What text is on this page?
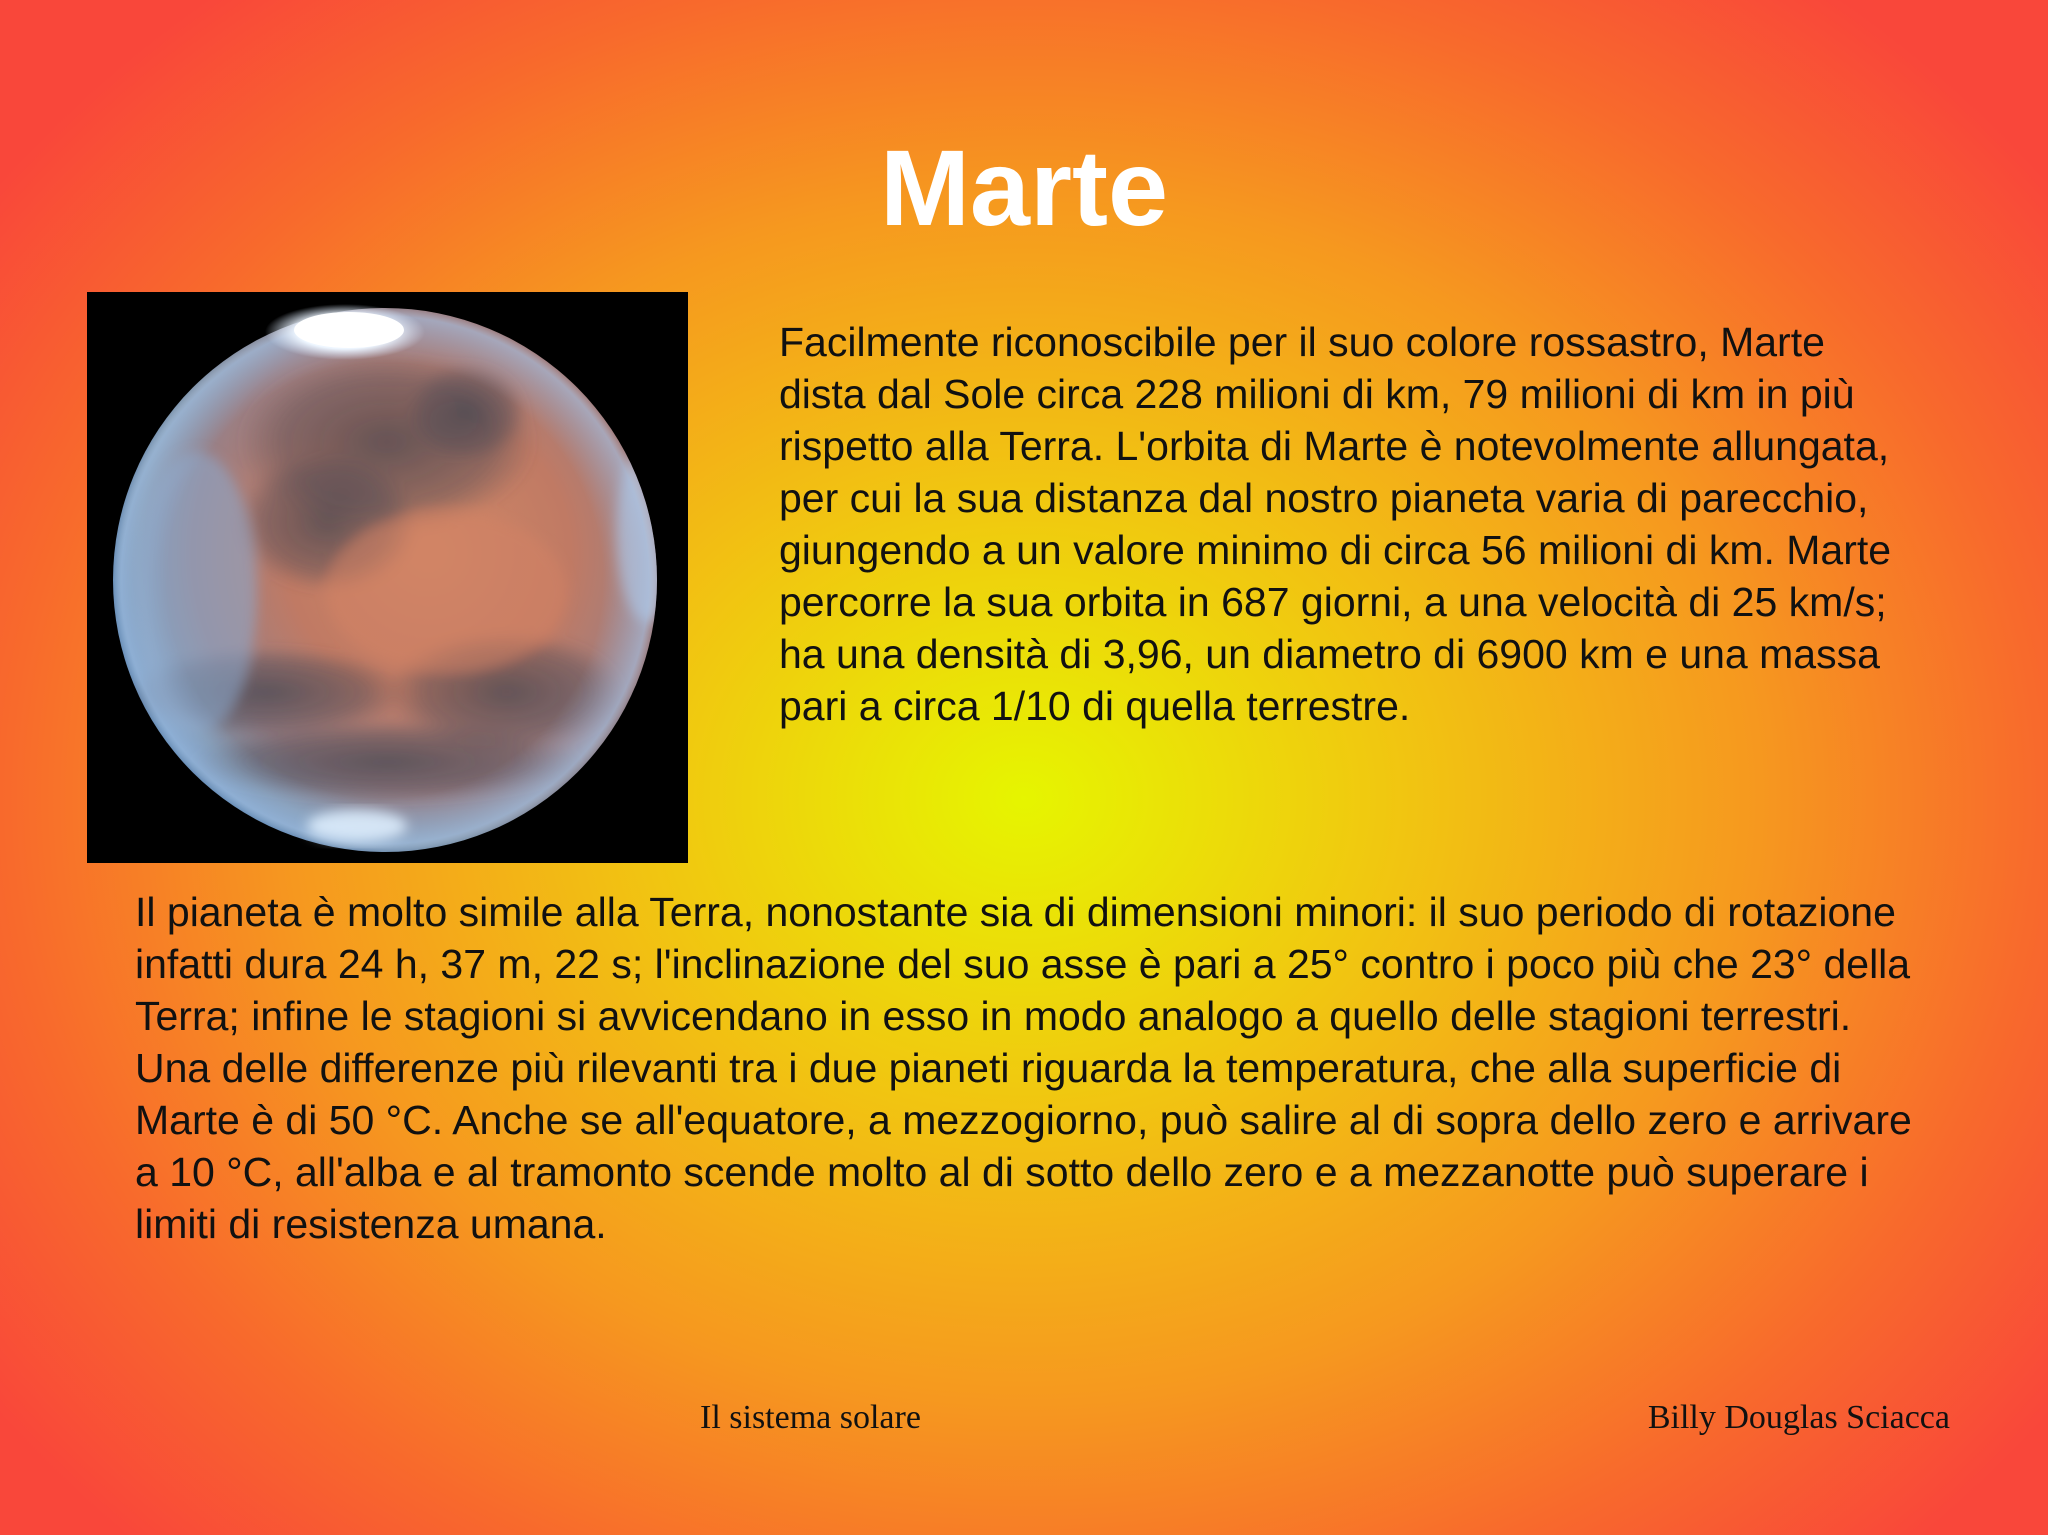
Marte

Facilmente riconoscibile per il suo colore rossastro, Marte dista dal Sole circa 228 milioni di km, 79 milioni di km in più rispetto alla Terra. L'orbita di Marte è notevolmente allungata, per cui la sua distanza dal nostro pianeta varia di parecchio, giungendo a un valore minimo di circa 56 milioni di km. Marte percorre la sua orbita in 687 giorni, a una velocità di 25 km/s; ha una densità di 3,96, un diametro di 6900 km e una massa pari a circa 1/10 di quella terrestre.

Il pianeta è molto simile alla Terra, nonostante sia di dimensioni minori: il suo periodo di rotazione infatti dura 24 h, 37 m, 22 s; l'inclinazione del suo asse è pari a 25° contro i poco più che 23° della Terra; infine le stagioni si avvicendano in esso in modo analogo a quello delle stagioni terrestri. Una delle differenze più rilevanti tra i due pianeti riguarda la temperatura, che alla superficie di Marte è di 50 °C. Anche se all'equatore, a mezzogiorno, può salire al di sopra dello zero e arrivare a 10 °C, all'alba e al tramonto scende molto al di sotto dello zero e a mezzanotte può superare i limiti di resistenza umana.

Il sistema solare	Billy Douglas Sciacca
